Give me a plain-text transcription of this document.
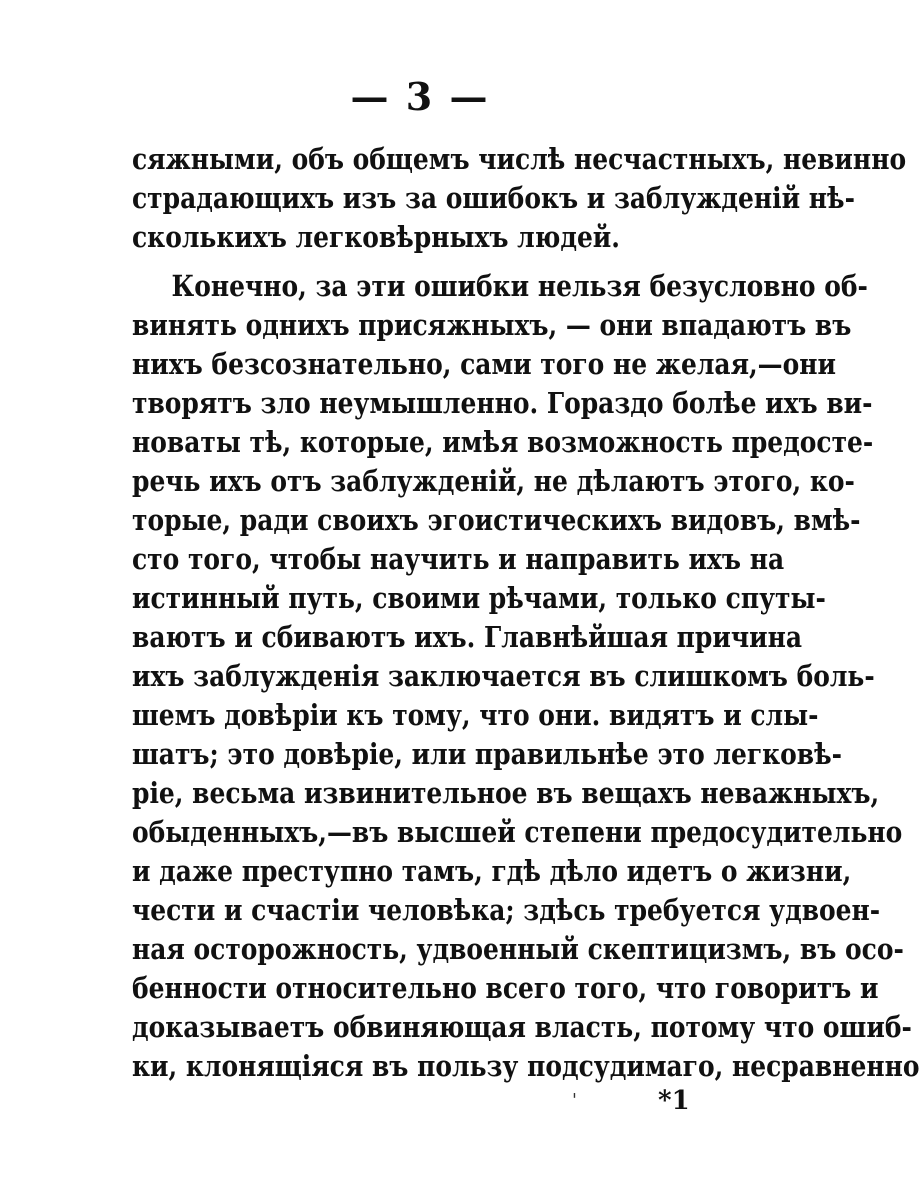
— 3 —
сяжными, объ общемъ числѣ несчастныхъ, невинно
страдающихъ изъ за ошибокъ и заблужденій нѣ-
сколькихъ легковѣрныхъ людей.
Конечно, за эти ошибки нельзя безусловно об-
винять однихъ присяжныхъ, — они впадаютъ въ
нихъ безсознательно, сами того не желая,—они
творятъ зло неумышленно. Гораздо болѣе ихъ ви-
новаты тѣ, которые, имѣя возможность предосте-
речь ихъ отъ заблужденій, не дѣлаютъ этого, ко-
торые, ради своихъ эгоистическихъ видовъ, вмѣ-
сто того, чтобы научить и направить ихъ на
истинный путь, своими рѣчами, только спуты-
ваютъ и сбиваютъ ихъ. Главнѣйшая причина
ихъ заблужденія заключается въ слишкомъ боль-
шемъ довѣріи къ тому, что они. видятъ и слы-
шатъ; это довѣріе, или правильнѣе это легковѣ-
ріе, весьма извинительное въ вещахъ неважныхъ,
обыденныхъ,—въ высшей степени предосудительно
и даже преступно тамъ, гдѣ дѣло идетъ о жизни,
чести и счастіи человѣка; здѣсь требуется удвоен-
ная осторожность, удвоенный скептицизмъ, въ осо-
бенности относительно всего того, что говоритъ и
доказываетъ обвиняющая власть, потому что ошиб-
ки, клонящіяся въ пользу подсудимаго, несравненно
'	*1
